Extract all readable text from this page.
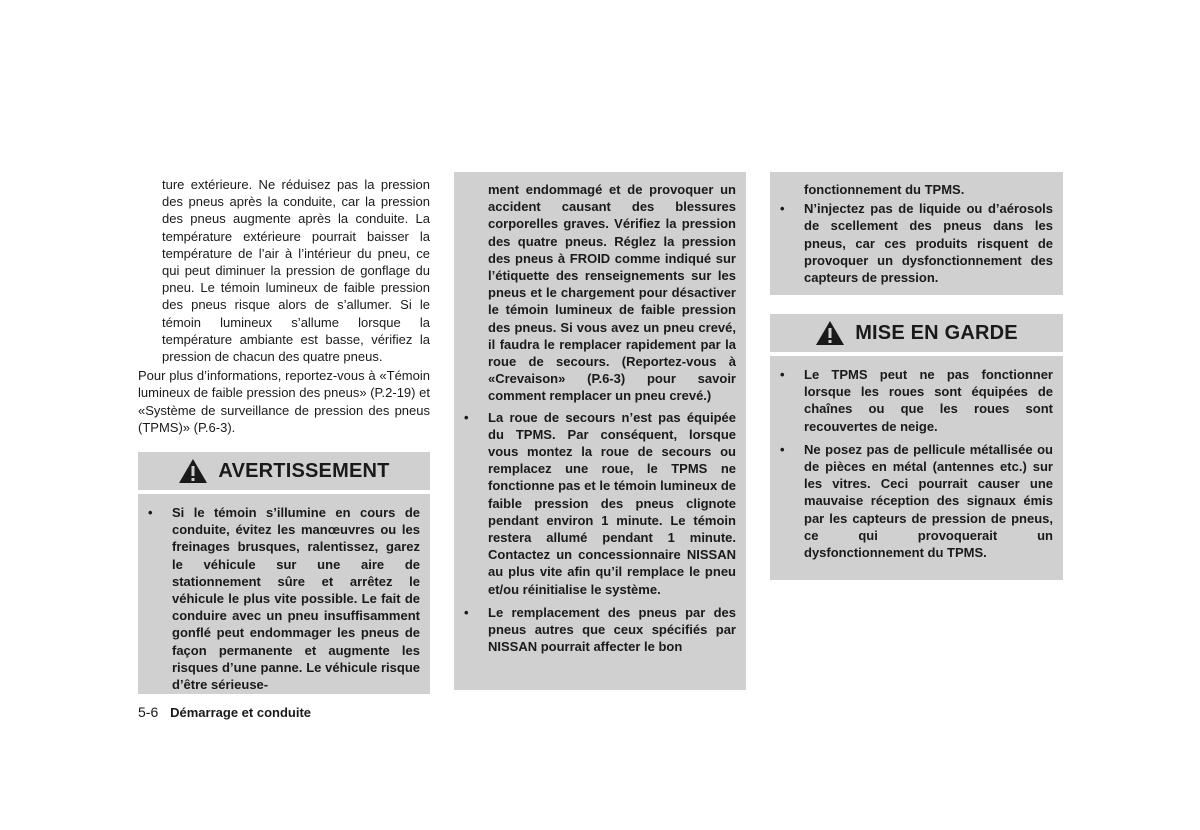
ture extérieure. Ne réduisez pas la pression des pneus après la conduite, car la pression des pneus augmente après la conduite. La température extérieure pourrait baisser la température de l’air à l’intérieur du pneu, ce qui peut diminuer la pression de gonflage du pneu. Le témoin lumineux de faible pression des pneus risque alors de s’allumer. Si le témoin lumineux s’allume lorsque la température ambiante est basse, vérifiez la pression de chacun des quatre pneus.
Pour plus d’informations, reportez-vous à «Témoin lumineux de faible pression des pneus» (P.2-19) et «Système de surveillance de pression des pneus (TPMS)» (P.6-3).
AVERTISSEMENT
• Si le témoin s’illumine en cours de conduite, évitez les manœuvres ou les freinages brusques, ralentissez, garez le véhicule sur une aire de stationnement sûre et arrêtez le véhicule le plus vite possible. Le fait de conduire avec un pneu insuffisamment gonflé peut endommager les pneus de façon permanente et augmente les risques d’une panne. Le véhicule risque d’être sérieuse-
ment endommagé et de provoquer un accident causant des blessures corporelles graves. Vérifiez la pression des quatre pneus. Réglez la pression des pneus à FROID comme indiqué sur l’étiquette des renseignements sur les pneus et le chargement pour désactiver le témoin lumineux de faible pression des pneus. Si vous avez un pneu crevé, il faudra le remplacer rapidement par la roue de secours. (Reportez-vous à «Crevaison» (P.6-3) pour savoir comment remplacer un pneu crevé.)
• La roue de secours n’est pas équipée du TPMS. Par conséquent, lorsque vous montez la roue de secours ou remplacez une roue, le TPMS ne fonctionne pas et le témoin lumineux de faible pression des pneus clignote pendant environ 1 minute. Le témoin restera allumé pendant 1 minute. Contactez un concessionnaire NISSAN au plus vite afin qu’il remplace le pneu et/ou réinitialise le système.
• Le remplacement des pneus par des pneus autres que ceux spécifiés par NISSAN pourrait affecter le bon
fonctionnement du TPMS.
• N’injectez pas de liquide ou d’aérosols de scellement des pneus dans les pneus, car ces produits risquent de provoquer un dysfonctionnement des capteurs de pression.
MISE EN GARDE
• Le TPMS peut ne pas fonctionner lorsque les roues sont équipées de chaînes ou que les roues sont recouvertes de neige.
• Ne posez pas de pellicule métallisée ou de pièces en métal (antennes etc.) sur les vitres. Ceci pourrait causer une mauvaise réception des signaux émis par les capteurs de pression de pneus, ce qui provoquerait un dysfonctionnement du TPMS.
5-6 Démarrage et conduite
